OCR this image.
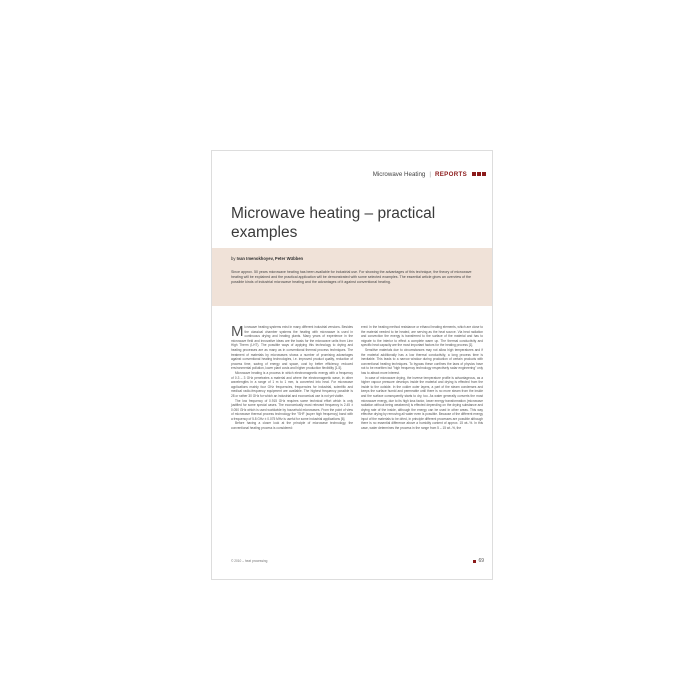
Microwave Heating | REPORTS
Microwave heating – practical examples
by Ivan Imenokhoyev, Peter Wübben
Since approx. 50 years microwave heating has been available for industrial use. For showing the advantages of this technique, the theory of microwave heating will be explained and the practical application will be demonstrated with some selected examples. The essential article gives an overview of the possible kinds of industrial microwave heating and the advantages of it against conventional heating.

Microwave heating systems exist in many different industrial versions. Besides the classical chamber systems the heating with microwave is used in continuous drying and heating plants. Many years of experience in the microwave field and innovative ideas are the basis for the microwave units from Linn High Therm (LHT). The possible ways of applying this technology to drying and heating processes are as many as in conventional thermal process techniques. The treatment of materials by microwaves shows a number of promising advantages against conventional heating technologies, i.e. improved product quality, reduction of process time, saving of energy and space, cost by better efficiency, reduced environmental pollution, lower plant costs and higher production flexibility [1-5].

Microwave heating is a process in which electromagnetic energy with a frequency of 0.3 – 3 GHz penetrates a material and where the electromagnetic wave, in other wavelengths in a range of 1 m to 1 mm, is converted into heat. For microwave applications mainly four GHz frequencies, frequencies for industrial, scientific and medical radio-frequency equipment are available. The highest frequency possible is 28 or rather 30 GHz for which an industrial and economical use is not yet viable.

The low frequency of 0.915 GHz requires some technical effort which is only justified for some special cases. The economically most relevant frequency is 2.45 ± 0.050 GHz which is used worldwide by household microwaves. From the point of view of microwave thermal process technology the "SHF (super high frequency) band with a frequency of 5.8 GHz ± 0.075 MHz is useful for some industrial applications [6].

Before having a closer look at the principle of microwave technology, the conventional heating process is considered:

ered: In the heating method resistance or ethanol heating elements, which are close to the material needed to be heated, are serving as the heat source. Via heat radiation and convection the energy is transferred to the surface of the material and has to migrate to the interior to effect a complete warm up. The thermal conductivity and specific heat capacity are the most important factors for the heating process [1].

Sensitive materials due to circumstances may not allow high temperatures and if the material additionally has a low thermal conductivity, a long process time is inevitable. This leads to a narrow window during production of certain products with conventional heating techniques. To bypass these confines the laws of physics have not to be rewritten but "high frequency technology respectively radar engineering" only has to attract more interest.

In case of microwave drying, the inverse temperature profile is advantageous, as a higher vapour pressure develops inside the material and drying is effected from the inside to the outside. In the colder outer layers, a part of the steam condenses and keeps the surface humid and permeable until there is no more steam from the inside and the surface consequently starts to dry, too. As water generally converts the most microwave energy, due to its high loss factor, lower energy transformation (microwave radiation without being weakened) is effected depending on the drying substance and drying rate of the inside, although the energy can be used in other areas. This way effective drying by removing all water even is possible. Because of the different energy input of the materials to be dried, in principle different processes are possible although there is no essential difference above a humidity content of approx. 15 wt.-%. In this case, water determines the process in the range from 5 – 15 wt.-%, the

© 2010 – heat processing	69
